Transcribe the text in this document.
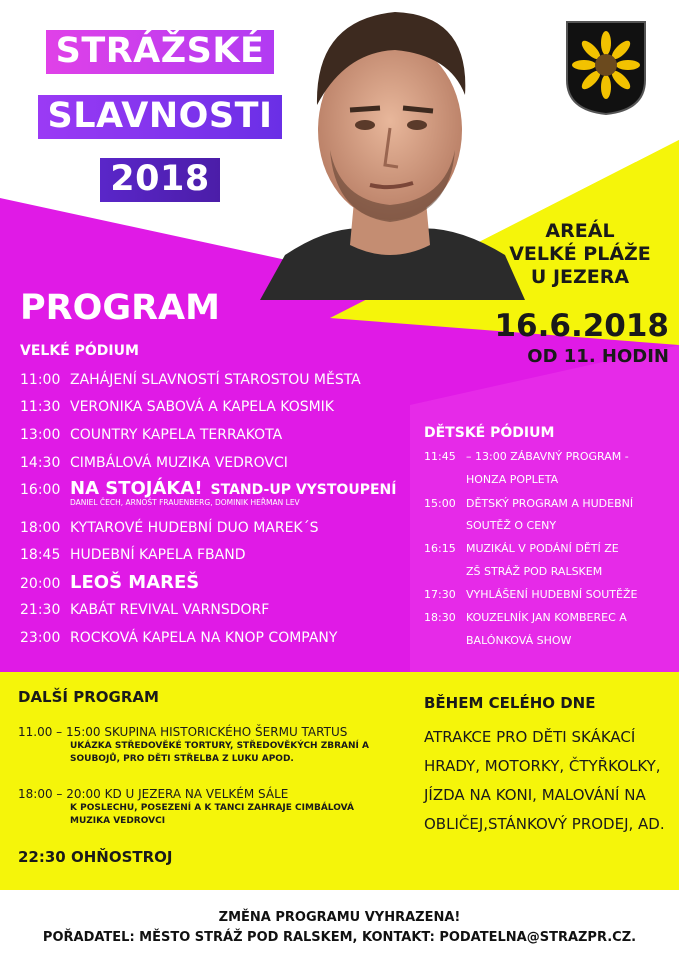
STRÁŽSKÉ
SLAVNOSTI
2018
AREÁL
VELKÉ PLÁŽE
U JEZERA
16.6.2018
OD 11. HODIN
PROGRAM
VELKÉ PÓDIUM
11:00 ZAHÁJENÍ SLAVNOSTÍ STAROSTOU MĚSTA
11:30 VERONIKA SABOVÁ A KAPELA KOSMIK
13:00 COUNTRY KAPELA TERRAKOTA
14:30 CIMBÁLOVÁ MUZIKA VEDROVCI
16:00 NA STOJÁKA! STAND-UP VYSTOUPENÍ
DANIEL ČECH, ARNOŠT FRAUENBERG, DOMINIK HEŘMAN LEV
18:00 KYTAROVÉ HUDEBNÍ DUO MAREK´S
18:45 HUDEBNÍ KAPELA FBAND
20:00 LEOŠ MAREŠ
21:30 KABÁT REVIVAL VARNSDORF
23:00 ROCKOVÁ KAPELA NA KNOP COMPANY
DĚTSKÉ PÓDIUM
11:45 – 13:00 ZÁBAVNÝ PROGRAM -
HONZA POPLETA
15:00 DĚTSKÝ PROGRAM A HUDEBNÍ
SOUTĚŽ O CENY
16:15 MUZIKÁL V PODÁNÍ DĚTÍ ZE
ZŠ STRÁŽ POD RALSKEM
17:30 VYHLÁŠENÍ HUDEBNÍ SOUTĚŽE
18:30 KOUZELNÍK JAN KOMBEREC A
BALÓNKOVÁ SHOW
DALŠÍ PROGRAM
11.00 – 15:00 SKUPINA HISTORICKÉHO ŠERMU TARTUS
UKÁZKA STŘEDOVĚKÉ TORTURY, STŘEDOVĚKÝCH ZBRANÍ A
SOUBOJŮ, PRO DĚTI STŘELBA Z LUKU APOD.
18:00 – 20:00 KD U JEZERA NA VELKÉM SÁLE
K POSLECHU, POSEZENÍ A K TANCI ZAHRAJE CIMBÁLOVÁ
MUZIKA VEDROVCI
22:30 OHŇOSTROJ
BĚHEM CELÉHO DNE
ATRAKCE PRO DĚTI SKÁKACÍ
HRADY, MOTORKY, ČTYŘKOLKY,
JÍZDA NA KONI, MALOVÁNÍ NA
OBLIČEJ,STÁNKOVÝ PRODEJ, AD.
ZMĚNA PROGRAMU VYHRAZENA!
POŘADATEL: MĚSTO STRÁŽ POD RALSKEM, KONTAKT: PODATELNA@STRAZPR.CZ.
